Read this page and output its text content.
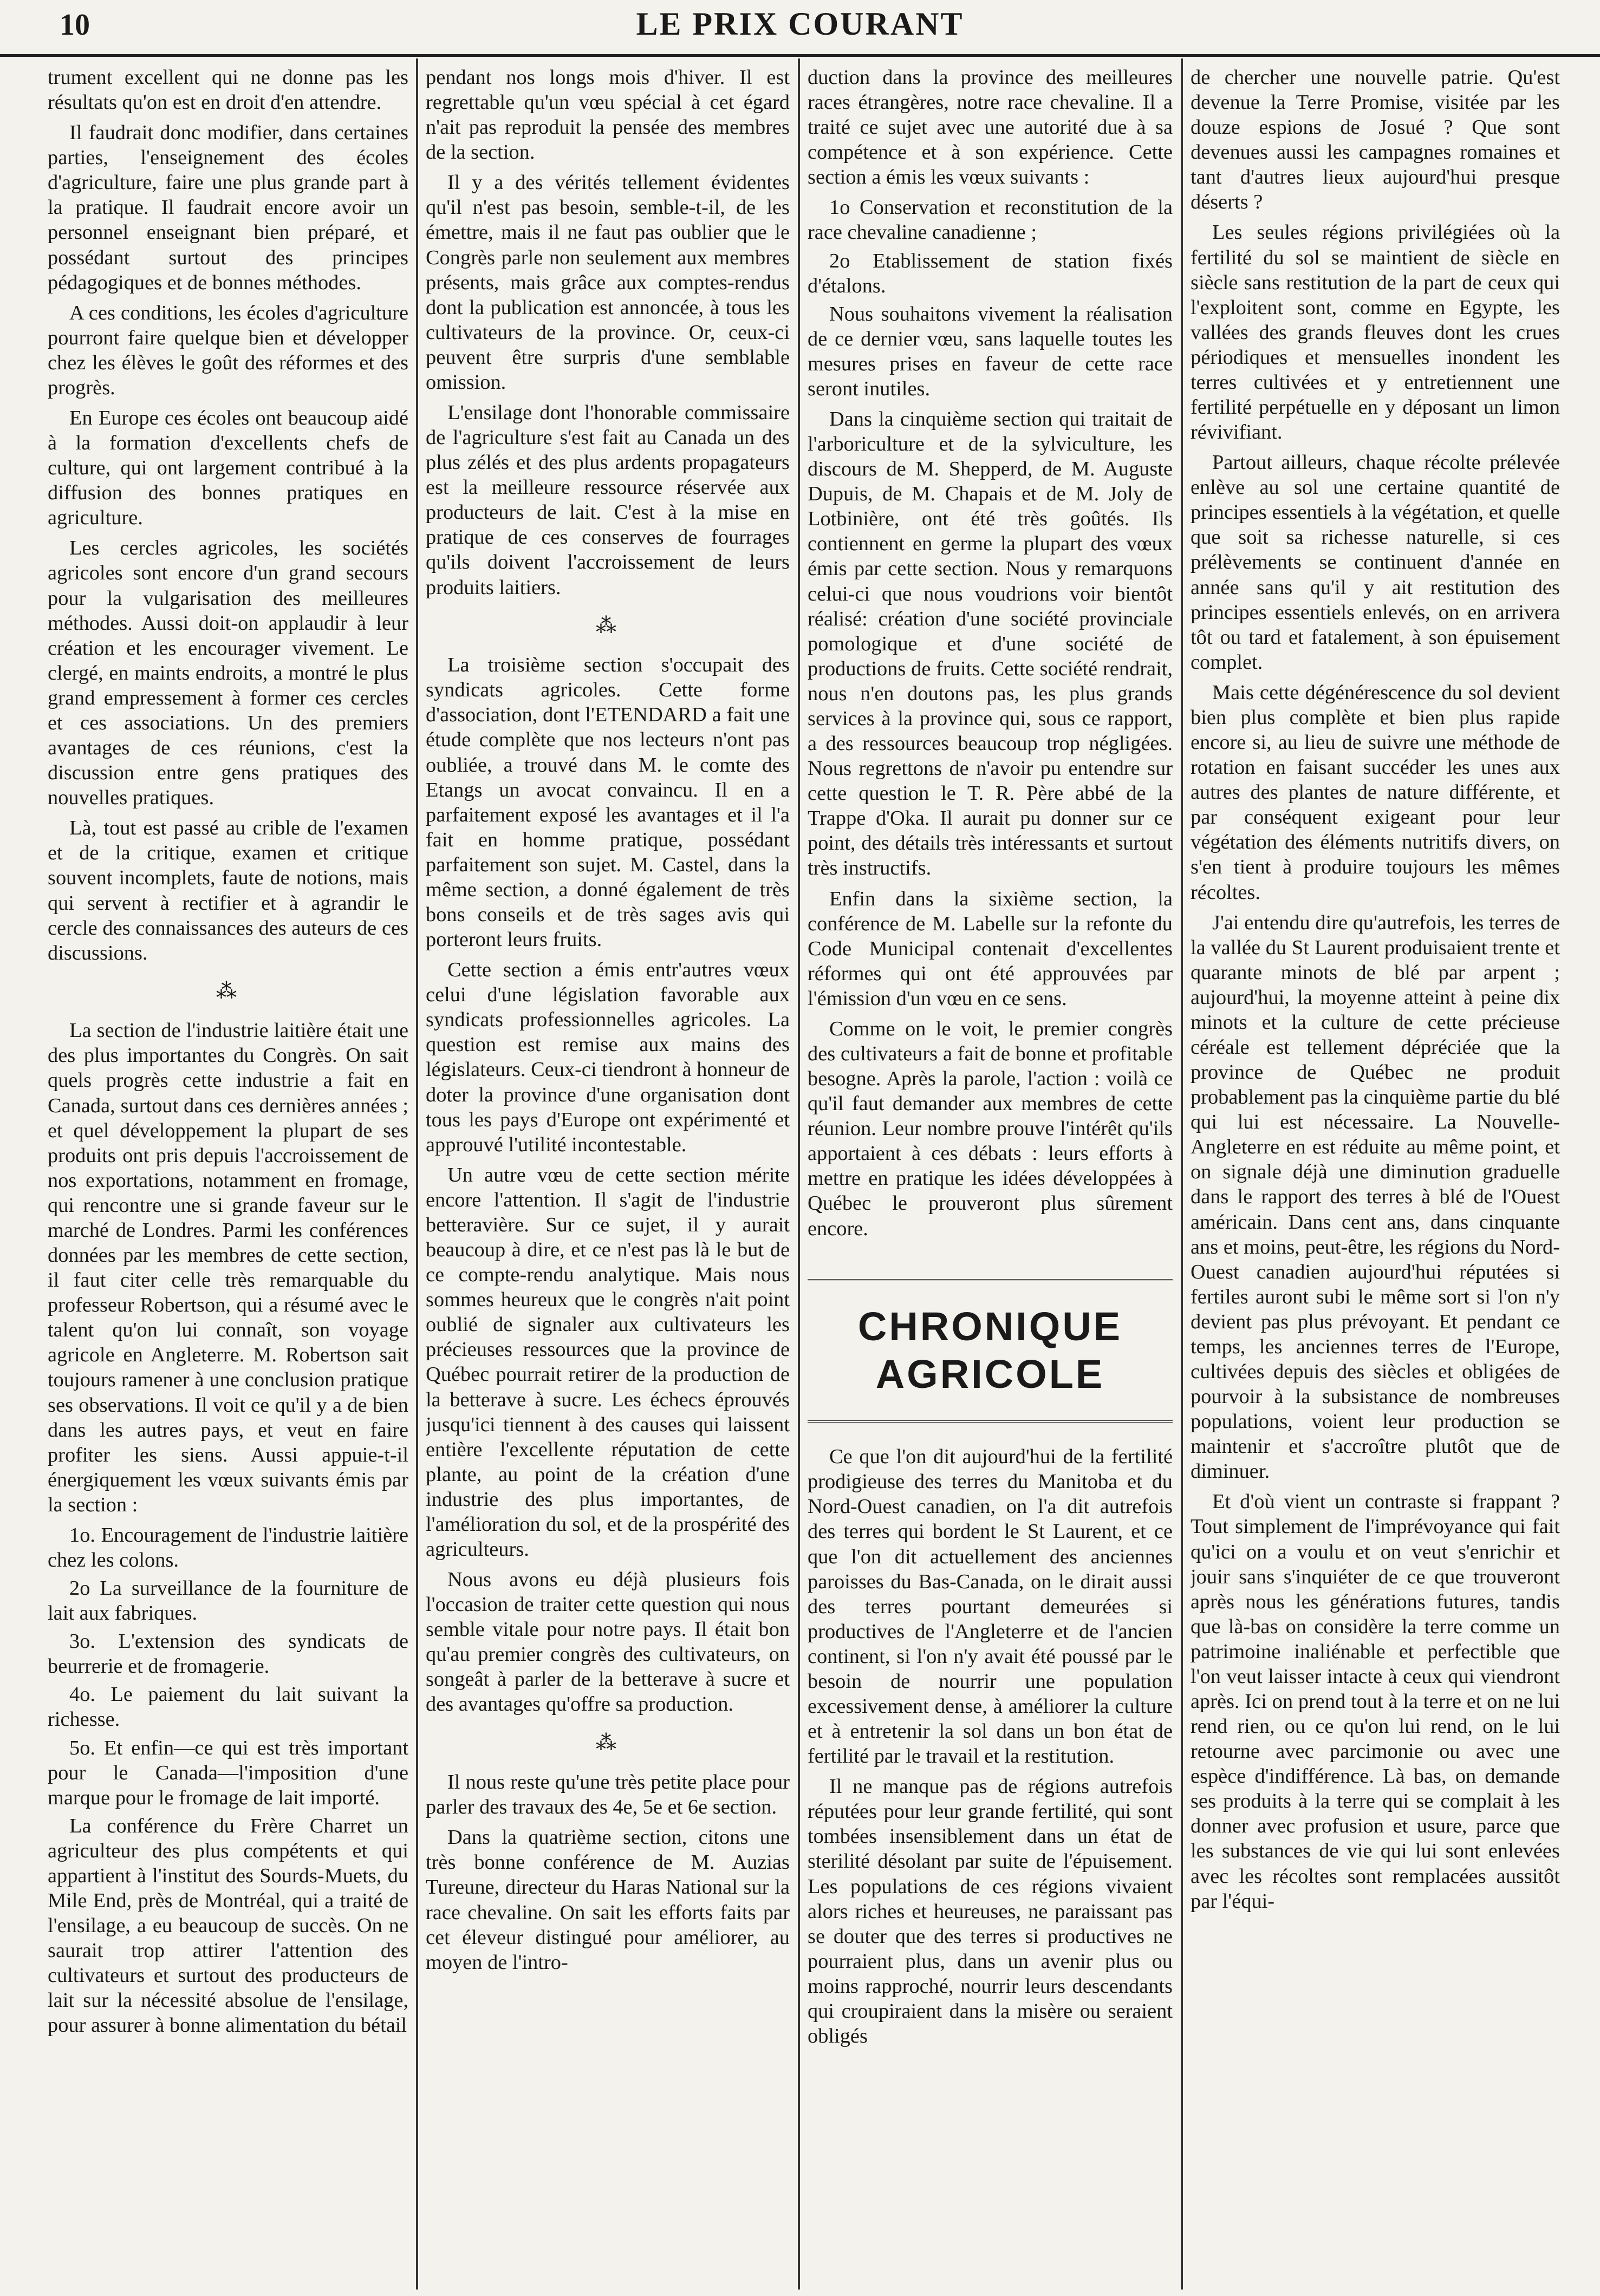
10	LE PRIX COURANT

trument excellent qui ne donne pas les résultats qu'on est en droit d'en attendre.

Il faudrait donc modifier, dans certaines parties, l'enseignement des écoles d'agriculture, faire une plus grande part à la pratique. Il faudrait encore avoir un personnel enseignant bien préparé, et possédant surtout des principes pédagogiques et de bonnes méthodes.

A ces conditions, les écoles d'agriculture pourront faire quelque bien et développer chez les élèves le goût des réformes et des progrès.

En Europe ces écoles ont beaucoup aidé à la formation d'excellents chefs de culture, qui ont largement contribué à la diffusion des bonnes pratiques en agriculture.

Les cercles agricoles, les sociétés agricoles sont encore d'un grand secours pour la vulgarisation des meilleures méthodes. Aussi doit-on applaudir à leur création et les encourager vivement. Le clergé, en maints endroits, a montré le plus grand empressement à former ces cercles et ces associations. Un des premiers avantages de ces réunions, c'est la discussion entre gens pratiques des nouvelles pratiques.

Là, tout est passé au crible de l'examen et de la critique, examen et critique souvent incomplets, faute de notions, mais qui servent à rectifier et à agrandir le cercle des connaissances des auteurs de ces discussions.

⁂

La section de l'industrie laitière était une des plus importantes du Congrès. On sait quels progrès cette industrie a fait en Canada, surtout dans ces dernières années ; et quel développement la plupart de ses produits ont pris depuis l'accroissement de nos exportations, notamment en fromage, qui rencontre une si grande faveur sur le marché de Londres. Parmi les conférences données par les membres de cette section, il faut citer celle très remarquable du professeur Robertson, qui a résumé avec le talent qu'on lui connaît, son voyage agricole en Angleterre. M. Robertson sait toujours ramener à une conclusion pratique ses observations. Il voit ce qu'il y a de bien dans les autres pays, et veut en faire profiter les siens. Aussi appuie-t-il énergiquement les vœux suivants émis par la section :

1o. Encouragement de l'industrie laitière chez les colons.

2o La surveillance de la fourniture de lait aux fabriques.

3o. L'extension des syndicats de beurrerie et de fromagerie.

4o. Le paiement du lait suivant la richesse.

5o. Et enfin—ce qui est très important pour le Canada—l'imposition d'une marque pour le fromage de lait importé.

La conférence du Frère Charret un agriculteur des plus compétents et qui appartient à l'institut des Sourds-Muets, du Mile End, près de Montréal, qui a traité de l'ensilage, a eu beaucoup de succès. On ne saurait trop attirer l'attention des cultivateurs et surtout des producteurs de lait sur la nécessité absolue de l'ensilage, pour assurer à bonne alimentation du bétail

pendant nos longs mois d'hiver. Il est regrettable qu'un vœu spécial à cet égard n'ait pas reproduit la pensée des membres de la section.

Il y a des vérités tellement évidentes qu'il n'est pas besoin, semble-t-il, de les émettre, mais il ne faut pas oublier que le Congrès parle non seulement aux membres présents, mais grâce aux comptes-rendus dont la publication est annoncée, à tous les cultivateurs de la province. Or, ceux-ci peuvent être surpris d'une semblable omission.

L'ensilage dont l'honorable commissaire de l'agriculture s'est fait au Canada un des plus zélés et des plus ardents propagateurs est la meilleure ressource réservée aux producteurs de lait. C'est à la mise en pratique de ces conserves de fourrages qu'ils doivent l'accroissement de leurs produits laitiers.

⁂

La troisième section s'occupait des syndicats agricoles. Cette forme d'association, dont l'ETENDARD a fait une étude complète que nos lecteurs n'ont pas oubliée, a trouvé dans M. le comte des Etangs un avocat convaincu. Il en a parfaitement exposé les avantages et il l'a fait en homme pratique, possédant parfaitement son sujet. M. Castel, dans la même section, a donné également de très bons conseils et de très sages avis qui porteront leurs fruits.

Cette section a émis entr'autres vœux celui d'une législation favorable aux syndicats professionnelles agricoles. La question est remise aux mains des législateurs. Ceux-ci tiendront à honneur de doter la province d'une organisation dont tous les pays d'Europe ont expérimenté et approuvé l'utilité incontestable.

Un autre vœu de cette section mérite encore l'attention. Il s'agit de l'industrie betteravière. Sur ce sujet, il y aurait beaucoup à dire, et ce n'est pas là le but de ce compte-rendu analytique. Mais nous sommes heureux que le congrès n'ait point oublié de signaler aux cultivateurs les précieuses ressources que la province de Québec pourrait retirer de la production de la betterave à sucre. Les échecs éprouvés jusqu'ici tiennent à des causes qui laissent entière l'excellente réputation de cette plante, au point de la création d'une industrie des plus importantes, de l'amélioration du sol, et de la prospérité des agriculteurs.

Nous avons eu déjà plusieurs fois l'occasion de traiter cette question qui nous semble vitale pour notre pays. Il était bon qu'au premier congrès des cultivateurs, on songeât à parler de la betterave à sucre et des avantages qu'offre sa production.

⁂

Il nous reste qu'une très petite place pour parler des travaux des 4e, 5e et 6e section.

Dans la quatrième section, citons une très bonne conférence de M. Auzias Tureune, directeur du Haras National sur la race chevaline. On sait les efforts faits par cet éleveur distingué pour améliorer, au moyen de l'intro-

duction dans la province des meilleures races étrangères, notre race chevaline. Il a traité ce sujet avec une autorité due à sa compétence et à son expérience. Cette section a émis les vœux suivants :

1o Conservation et reconstitution de la race chevaline canadienne ;

2o Etablissement de station fixés d'étalons.

Nous souhaitons vivement la réalisation de ce dernier vœu, sans laquelle toutes les mesures prises en faveur de cette race seront inutiles.

Dans la cinquième section qui traitait de l'arboriculture et de la sylviculture, les discours de M. Shepperd, de M. Auguste Dupuis, de M. Chapais et de M. Joly de Lotbinière, ont été très goûtés. Ils contiennent en germe la plupart des vœux émis par cette section. Nous y remarquons celui-ci que nous voudrions voir bientôt réalisé: création d'une société provinciale pomologique et d'une société de productions de fruits. Cette société rendrait, nous n'en doutons pas, les plus grands services à la province qui, sous ce rapport, a des ressources beaucoup trop négligées. Nous regrettons de n'avoir pu entendre sur cette question le T. R. Père abbé de la Trappe d'Oka. Il aurait pu donner sur ce point, des détails très intéressants et surtout très instructifs.

Enfin dans la sixième section, la conférence de M. Labelle sur la refonte du Code Municipal contenait d'excellentes réformes qui ont été approuvées par l'émission d'un vœu en ce sens.

Comme on le voit, le premier congrès des cultivateurs a fait de bonne et profitable besogne. Après la parole, l'action : voilà ce qu'il faut demander aux membres de cette réunion. Leur nombre prouve l'intérêt qu'ils apportaient à ces débats : leurs efforts à mettre en pratique les idées développées à Québec le prouveront plus sûrement encore.

CHRONIQUE AGRICOLE

Ce que l'on dit aujourd'hui de la fertilité prodigieuse des terres du Manitoba et du Nord-Ouest canadien, on l'a dit autrefois des terres qui bordent le St Laurent, et ce que l'on dit actuellement des anciennes paroisses du Bas-Canada, on le dirait aussi des terres pourtant demeurées si productives de l'Angleterre et de l'ancien continent, si l'on n'y avait été poussé par le besoin de nourrir une population excessivement dense, à améliorer la culture et à entretenir la sol dans un bon état de fertilité par le travail et la restitution.

Il ne manque pas de régions autrefois réputées pour leur grande fertilité, qui sont tombées insensiblement dans un état de sterilité désolant par suite de l'épuisement. Les populations de ces régions vivaient alors riches et heureuses, ne paraissant pas se douter que des terres si productives ne pourraient plus, dans un avenir plus ou moins rapproché, nourrir leurs descendants qui croupiraient dans la misère ou seraient obligés

de chercher une nouvelle patrie. Qu'est devenue la Terre Promise, visitée par les douze espions de Josué ? Que sont devenues aussi les campagnes romaines et tant d'autres lieux aujourd'hui presque déserts ?

Les seules régions privilégiées où la fertilité du sol se maintient de siècle en siècle sans restitution de la part de ceux qui l'exploitent sont, comme en Egypte, les vallées des grands fleuves dont les crues périodiques et mensuelles inondent les terres cultivées et y entretiennent une fertilité perpétuelle en y déposant un limon révivifiant.

Partout ailleurs, chaque récolte prélevée enlève au sol une certaine quantité de principes essentiels à la végétation, et quelle que soit sa richesse naturelle, si ces prélèvements se continuent d'année en année sans qu'il y ait restitution des principes essentiels enlevés, on en arrivera tôt ou tard et fatalement, à son épuisement complet.

Mais cette dégénérescence du sol devient bien plus complète et bien plus rapide encore si, au lieu de suivre une méthode de rotation en faisant succéder les unes aux autres des plantes de nature différente, et par conséquent exigeant pour leur végétation des éléments nutritifs divers, on s'en tient à produire toujours les mêmes récoltes.

J'ai entendu dire qu'autrefois, les terres de la vallée du St Laurent produisaient trente et quarante minots de blé par arpent ; aujourd'hui, la moyenne atteint à peine dix minots et la culture de cette précieuse céréale est tellement dépréciée que la province de Québec ne produit probablement pas la cinquième partie du blé qui lui est nécessaire. La Nouvelle-Angleterre en est réduite au même point, et on signale déjà une diminution graduelle dans le rapport des terres à blé de l'Ouest américain. Dans cent ans, dans cinquante ans et moins, peut-être, les régions du Nord-Ouest canadien aujourd'hui réputées si fertiles auront subi le même sort si l'on n'y devient pas plus prévoyant. Et pendant ce temps, les anciennes terres de l'Europe, cultivées depuis des siècles et obligées de pourvoir à la subsistance de nombreuses populations, voient leur production se maintenir et s'accroître plutôt que de diminuer.

Et d'où vient un contraste si frappant ? Tout simplement de l'imprévoyance qui fait qu'ici on a voulu et on veut s'enrichir et jouir sans s'inquiéter de ce que trouveront après nous les générations futures, tandis que là-bas on considère la terre comme un patrimoine inaliénable et perfectible que l'on veut laisser intacte à ceux qui viendront après. Ici on prend tout à la terre et on ne lui rend rien, ou ce qu'on lui rend, on le lui retourne avec parcimonie ou avec une espèce d'indifférence. Là bas, on demande ses produits à la terre qui se complait à les donner avec profusion et usure, parce que les substances de vie qui lui sont enlevées avec les récoltes sont remplacées aussitôt par l'équi-
